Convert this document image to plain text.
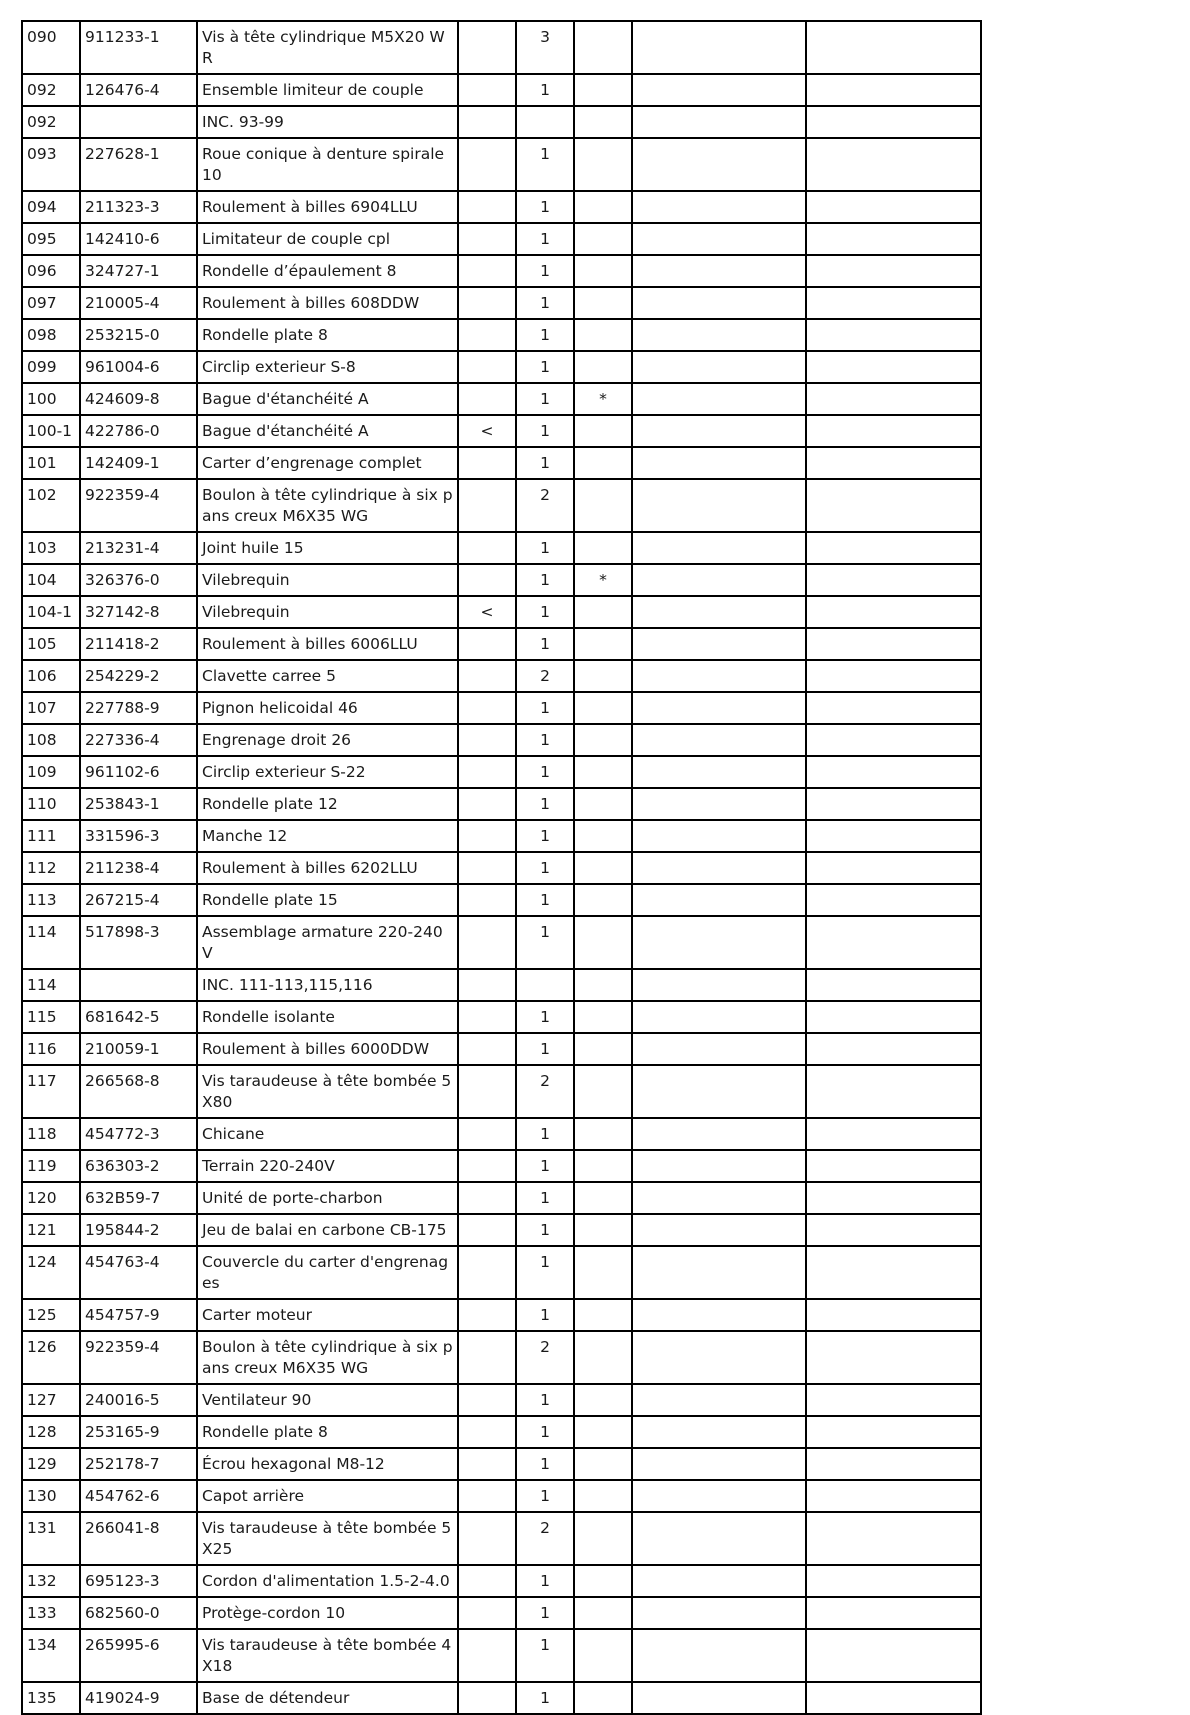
090	911233-1	Vis à tête cylindrique M5X20 WR		3			
092	126476-4	Ensemble limiteur de couple		1			
092		INC. 93-99					
093	227628-1	Roue conique à denture spirale 10		1			
094	211323-3	Roulement à billes 6904LLU		1			
095	142410-6	Limitateur de couple cpl		1			
096	324727-1	Rondelle d’épaulement 8		1			
097	210005-4	Roulement à billes 608DDW		1			
098	253215-0	Rondelle plate 8		1			
099	961004-6	Circlip exterieur S-8		1			
100	424609-8	Bague d'étanchéité A		1	*		
100-1	422786-0	Bague d'étanchéité A	<	1			
101	142409-1	Carter d’engrenage complet		1			
102	922359-4	Boulon à tête cylindrique à six pans creux M6X35 WG		2			
103	213231-4	Joint huile 15		1			
104	326376-0	Vilebrequin		1	*		
104-1	327142-8	Vilebrequin	<	1			
105	211418-2	Roulement à billes 6006LLU		1			
106	254229-2	Clavette carree 5		2			
107	227788-9	Pignon helicoidal 46		1			
108	227336-4	Engrenage droit 26		1			
109	961102-6	Circlip exterieur S-22		1			
110	253843-1	Rondelle plate 12		1			
111	331596-3	Manche 12		1			
112	211238-4	Roulement à billes 6202LLU		1			
113	267215-4	Rondelle plate 15		1			
114	517898-3	Assemblage armature 220-240V		1			
114		INC. 111-113,115,116					
115	681642-5	Rondelle isolante		1			
116	210059-1	Roulement à billes 6000DDW		1			
117	266568-8	Vis taraudeuse à tête bombée 5X80		2			
118	454772-3	Chicane		1			
119	636303-2	Terrain 220-240V		1			
120	632B59-7	Unité de porte-charbon		1			
121	195844-2	Jeu de balai en carbone CB-175		1			
124	454763-4	Couvercle du carter d'engrenages		1			
125	454757-9	Carter moteur		1			
126	922359-4	Boulon à tête cylindrique à six pans creux M6X35 WG		2			
127	240016-5	Ventilateur 90		1			
128	253165-9	Rondelle plate 8		1			
129	252178-7	Écrou hexagonal M8-12		1			
130	454762-6	Capot arrière		1			
131	266041-8	Vis taraudeuse à tête bombée 5X25		2			
132	695123-3	Cordon d'alimentation 1.5-2-4.0		1			
133	682560-0	Protège-cordon 10		1			
134	265995-6	Vis taraudeuse à tête bombée 4X18		1			
135	419024-9	Base de détendeur		1			
